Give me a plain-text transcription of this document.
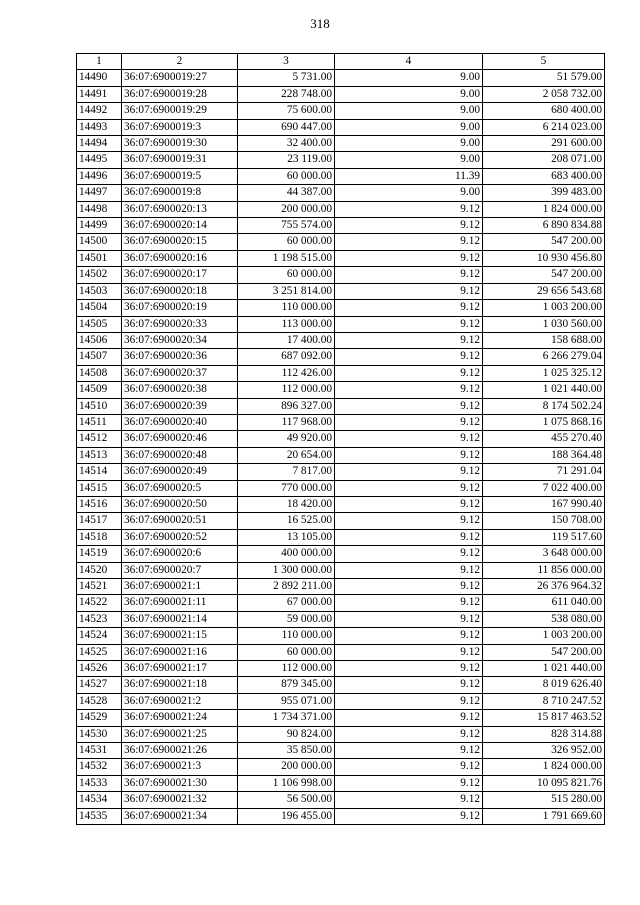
318
1	2	3	4	5
14490	36:07:6900019:27	5 731.00	9.00	51 579.00
14491	36:07:6900019:28	228 748.00	9.00	2 058 732.00
14492	36:07:6900019:29	75 600.00	9.00	680 400.00
14493	36:07:6900019:3	690 447.00	9.00	6 214 023.00
14494	36:07:6900019:30	32 400.00	9.00	291 600.00
14495	36:07:6900019:31	23 119.00	9.00	208 071.00
14496	36:07:6900019:5	60 000.00	11.39	683 400.00
14497	36:07:6900019:8	44 387.00	9.00	399 483.00
14498	36:07:6900020:13	200 000.00	9.12	1 824 000.00
14499	36:07:6900020:14	755 574.00	9.12	6 890 834.88
14500	36:07:6900020:15	60 000.00	9.12	547 200.00
14501	36:07:6900020:16	1 198 515.00	9.12	10 930 456.80
14502	36:07:6900020:17	60 000.00	9.12	547 200.00
14503	36:07:6900020:18	3 251 814.00	9.12	29 656 543.68
14504	36:07:6900020:19	110 000.00	9.12	1 003 200.00
14505	36:07:6900020:33	113 000.00	9.12	1 030 560.00
14506	36:07:6900020:34	17 400.00	9.12	158 688.00
14507	36:07:6900020:36	687 092.00	9.12	6 266 279.04
14508	36:07:6900020:37	112 426.00	9.12	1 025 325.12
14509	36:07:6900020:38	112 000.00	9.12	1 021 440.00
14510	36:07:6900020:39	896 327.00	9.12	8 174 502.24
14511	36:07:6900020:40	117 968.00	9.12	1 075 868.16
14512	36:07:6900020:46	49 920.00	9.12	455 270.40
14513	36:07:6900020:48	20 654.00	9.12	188 364.48
14514	36:07:6900020:49	7 817.00	9.12	71 291.04
14515	36:07:6900020:5	770 000.00	9.12	7 022 400.00
14516	36:07:6900020:50	18 420.00	9.12	167 990.40
14517	36:07:6900020:51	16 525.00	9.12	150 708.00
14518	36:07:6900020:52	13 105.00	9.12	119 517.60
14519	36:07:6900020:6	400 000.00	9.12	3 648 000.00
14520	36:07:6900020:7	1 300 000.00	9.12	11 856 000.00
14521	36:07:6900021:1	2 892 211.00	9.12	26 376 964.32
14522	36:07:6900021:11	67 000.00	9.12	611 040.00
14523	36:07:6900021:14	59 000.00	9.12	538 080.00
14524	36:07:6900021:15	110 000.00	9.12	1 003 200.00
14525	36:07:6900021:16	60 000.00	9.12	547 200.00
14526	36:07:6900021:17	112 000.00	9.12	1 021 440.00
14527	36:07:6900021:18	879 345.00	9.12	8 019 626.40
14528	36:07:6900021:2	955 071.00	9.12	8 710 247.52
14529	36:07:6900021:24	1 734 371.00	9.12	15 817 463.52
14530	36:07:6900021:25	90 824.00	9.12	828 314.88
14531	36:07:6900021:26	35 850.00	9.12	326 952.00
14532	36:07:6900021:3	200 000.00	9.12	1 824 000.00
14533	36:07:6900021:30	1 106 998.00	9.12	10 095 821.76
14534	36:07:6900021:32	56 500.00	9.12	515 280.00
14535	36:07:6900021:34	196 455.00	9.12	1 791 669.60
